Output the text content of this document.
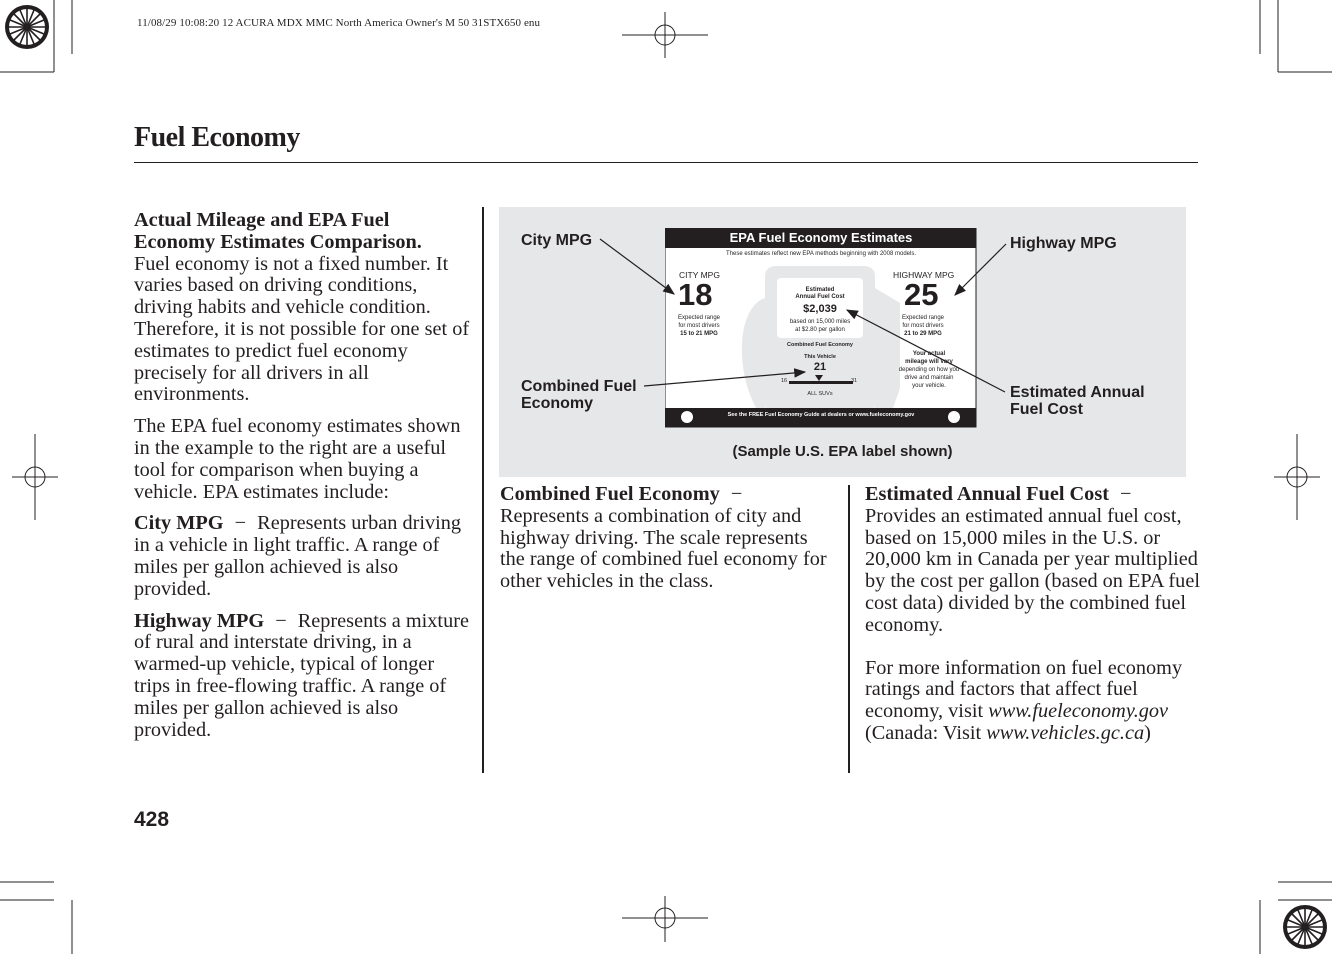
11/08/29 10:08:20 12 ACURA MDX MMC North America Owner's M 50 31STX650 enu
Fuel Economy
Actual Mileage and EPA Fuel
Economy Estimates Comparison.

Fuel economy is not a fixed number. It varies based on driving conditions, driving habits and vehicle condition. Therefore, it is not possible for one set of estimates to predict fuel economy precisely for all drivers in all environments.

The EPA fuel economy estimates shown in the example to the right are a useful tool for comparison when buying a vehicle. EPA estimates include:

City MPG − Represents urban driving in a vehicle in light traffic. A range of miles per gallon achieved is also provided.

Highway MPG − Represents a mixture of rural and interstate driving, in a warmed-up vehicle, typical of longer trips in free-flowing traffic. A range of miles per gallon achieved is also provided.

City MPG	Highway MPG
Combined Fuel
Economy
Estimated Annual
Fuel Cost
EPA Fuel Economy Estimates
These estimates reflect new EPA methods beginning with 2008 models.
CITY MPG
18
Expected range
for most drivers
15 to 21 MPG
HIGHWAY MPG
25
Expected range
for most drivers
21 to 29 MPG
Estimated
Annual Fuel Cost
$2,039
based on 15,000 miles
at $2.80 per gallon
Combined Fuel Economy
This Vehicle
21
16	31
ALL SUVs
Your actual
mileage will vary
depending on how you
drive and maintain
your vehicle.
See the FREE Fuel Economy Guide at dealers or www.fueleconomy.gov
(Sample U.S. EPA label shown)

Combined Fuel Economy − Represents a combination of city and highway driving. The scale represents the range of combined fuel economy for other vehicles in the class.

Estimated Annual Fuel Cost − Provides an estimated annual fuel cost, based on 15,000 miles in the U.S. or 20,000 km in Canada per year multiplied by the cost per gallon (based on EPA fuel cost data) divided by the combined fuel economy.

For more information on fuel economy ratings and factors that affect fuel economy, visit www.fueleconomy.gov (Canada: Visit www.vehicles.gc.ca)

428
